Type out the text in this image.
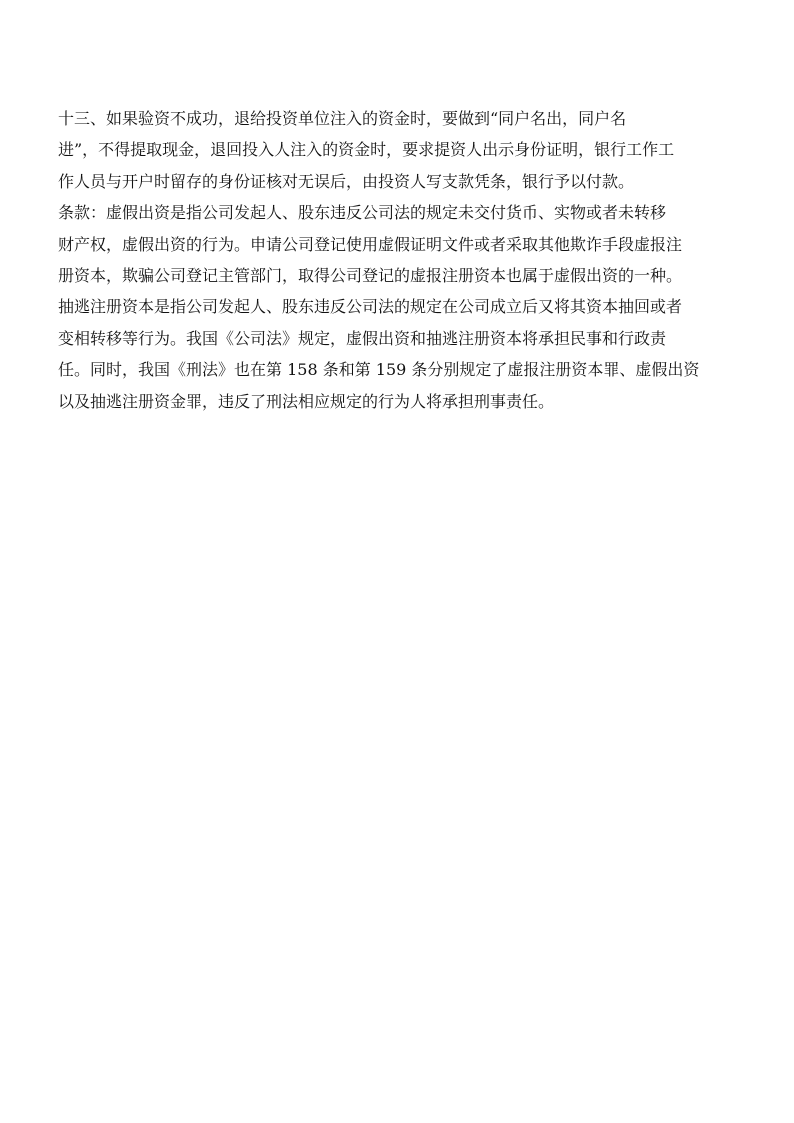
十三、如果验资不成功，退给投资单位注入的资金时，要做到“同户名出，同户名
进”，不得提取现金，退回投入人注入的资金时，要求提资人出示身份证明，银行工作工
作人员与开户时留存的身份证核对无误后，由投资人写支款凭条，银行予以付款。
条款：虚假出资是指公司发起人、股东违反公司法的规定未交付货币、实物或者未转移
财产权，虚假出资的行为。申请公司登记使用虚假证明文件或者采取其他欺诈手段虚报注
册资本，欺骗公司登记主管部门，取得公司登记的虚报注册资本也属于虚假出资的一种。
抽逃注册资本是指公司发起人、股东违反公司法的规定在公司成立后又将其资本抽回或者
变相转移等行为。我国《公司法》规定，虚假出资和抽逃注册资本将承担民事和行政责
任。同时，我国《刑法》也在第 158 条和第 159 条分别规定了虚报注册资本罪、虚假出资
以及抽逃注册资金罪，违反了刑法相应规定的行为人将承担刑事责任。
